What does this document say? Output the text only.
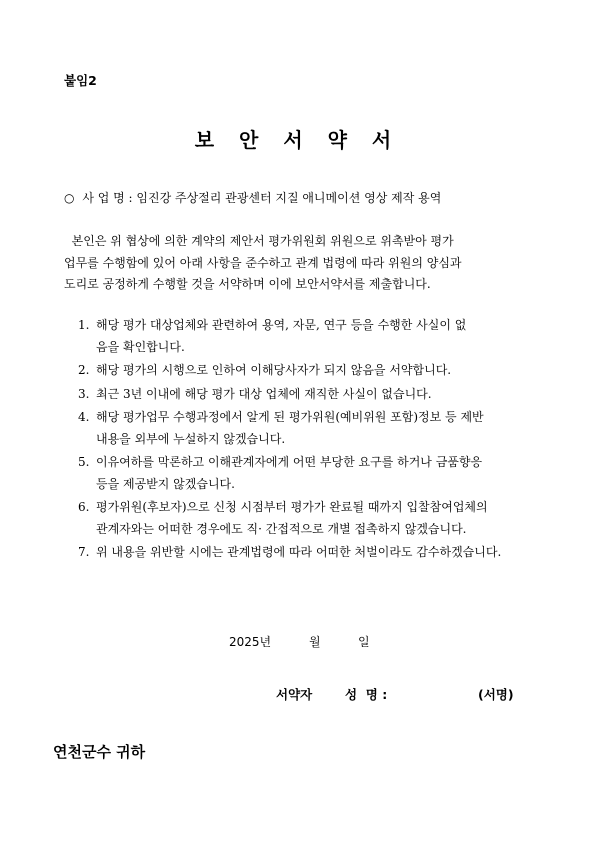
붙임2
보 안 서 약 서
○ 사 업 명 : 임진강 주상절리 관광센터 지질 애니메이션 영상 제작 용역
본인은 위 협상에 의한 계약의 제안서 평가위원회 위원으로 위촉받아 평가
업무를 수행함에 있어 아래 사항을 준수하고 관계 법령에 따라 위원의 양심과
도리로 공정하게 수행할 것을 서약하며 이에 보안서약서를 제출합니다.
1. 해당 평가 대상업체와 관련하여 용역, 자문, 연구 등을 수행한 사실이 없
음을 확인합니다.
2. 해당 평가의 시행으로 인하여 이해당사자가 되지 않음을 서약합니다.
3. 최근 3년 이내에 해당 평가 대상 업체에 재직한 사실이 없습니다.
4. 해당 평가업무 수행과정에서 알게 된 평가위원(예비위원 포함)정보 등 제반
내용을 외부에 누설하지 않겠습니다.
5. 이유여하를 막론하고 이해관계자에게 어떤 부당한 요구를 하거나 금품향응
등을 제공받지 않겠습니다.
6. 평가위원(후보자)으로 신청 시점부터 평가가 완료될 때까지 입찰참여업체의
관계자와는 어떠한 경우에도 직· 간접적으로 개별 접촉하지 않겠습니다.
7. 위 내용을 위반할 시에는 관계법령에 따라 어떠한 처벌이라도 감수하겠습니다.
2025년	월	일
서약자	성  명 :	(서명)
연천군수 귀하
